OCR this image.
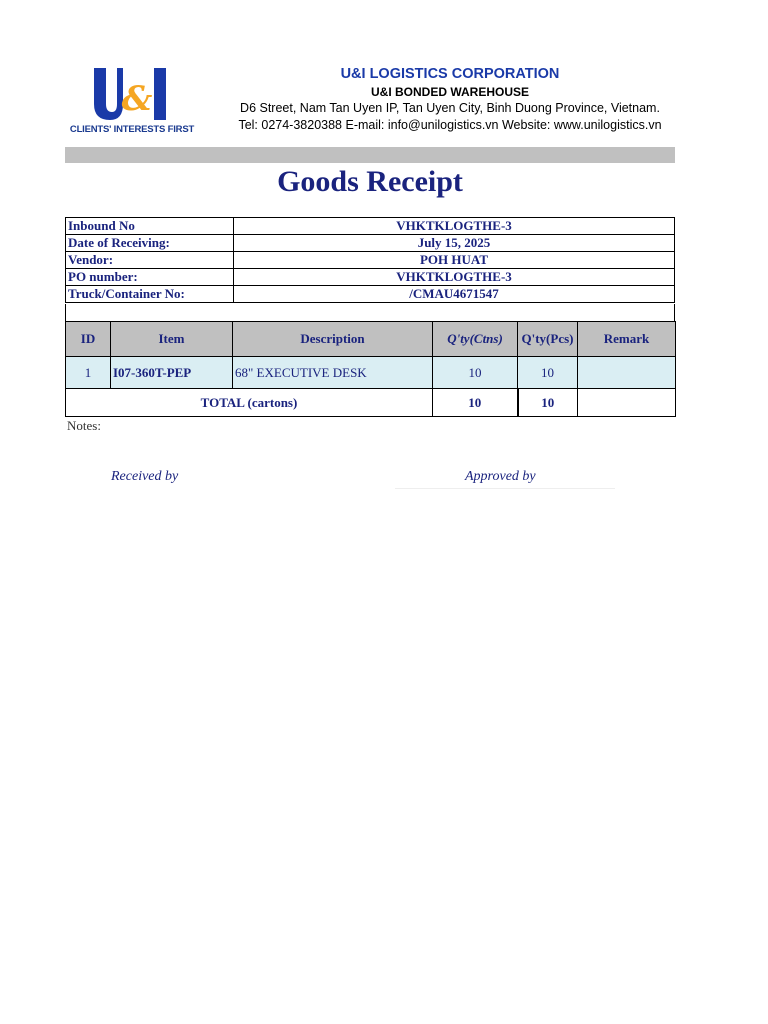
&
CLIENTS' INTERESTS FIRST
U&I LOGISTICS CORPORATION
U&I BONDED WAREHOUSE
D6 Street, Nam Tan Uyen IP, Tan Uyen City, Binh Duong Province, Vietnam.
Tel: 0274-3820388 E-mail: info@unilogistics.vn Website: www.unilogistics.vn
Goods Receipt
Inbound No	VHKTKLOGTHE-3
Date of Receiving:	July 15, 2025
Vendor:	POH HUAT
PO number:	VHKTKLOGTHE-3
Truck/Container No:	/CMAU4671547
ID	Item	Description	Q'ty(Ctns)	Q'ty(Pcs)	Remark
1	I07-360T-PEP	68" EXECUTIVE DESK	10	10	
TOTAL (cartons)			10	10	
Notes:
Received by	Approved by
